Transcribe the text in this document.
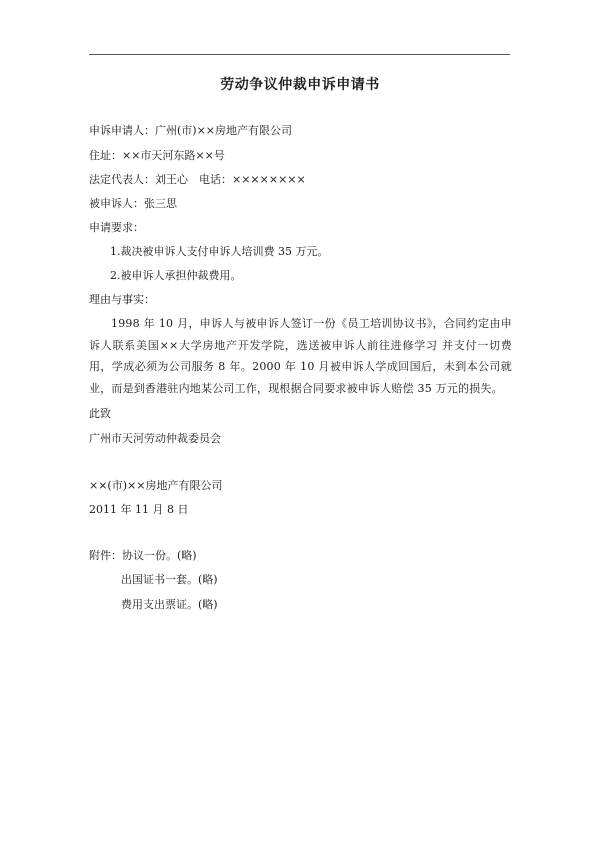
劳动争议仲裁申诉申请书
申诉申请人：广州(市)××房地产有限公司
住址：××市天河东路××号
法定代表人：刘王心　电话：××××××××
被申诉人：张三思
申请要求：
1.裁决被申诉人支付申诉人培训费 35 万元。
2.被申诉人承担仲裁费用。
理由与事实：
1998 年 10 月，申诉人与被申诉人签订一份《员工培训协议书》，合同约定由申诉人联系美国××大学房地产开发学院，选送被申诉人前往进修学习 并支付一切费用，学成必须为公司服务 8 年。2000 年 10 月被申诉人学成回国后，未到本公司就业，而是到香港驻内地某公司工作，现根据合同要求被申诉人赔偿 35 万元的损失。
此致
广州市天河劳动仲裁委员会
××(市)××房地产有限公司
2011 年 11 月 8 日
附件：协议一份。(略)
出国证书一套。(略)
费用支出票证。(略)
